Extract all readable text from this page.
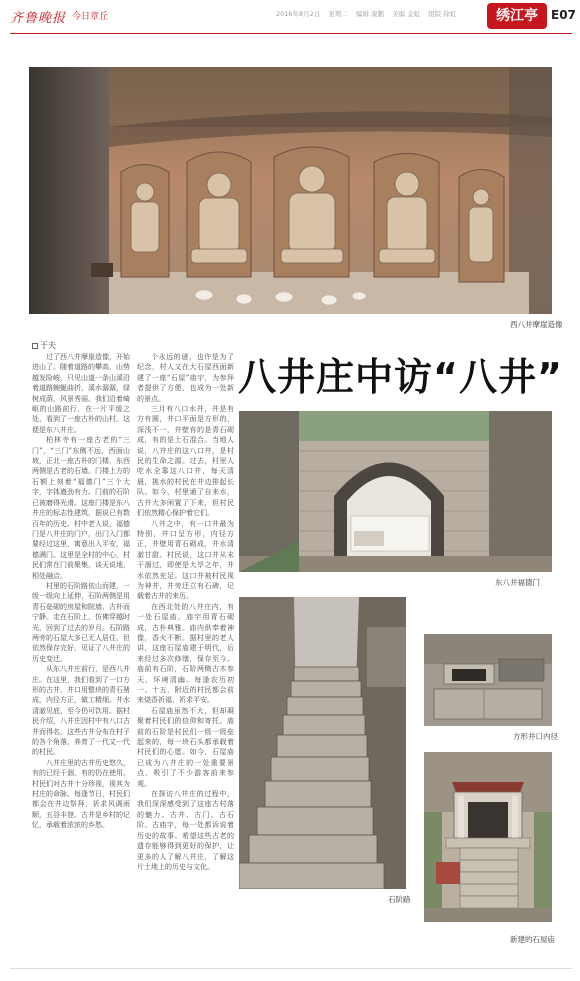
齐鲁晚报 今日章丘	2016年8月2日 星期二 编辑 康鹏 美编 金虹 组版 徐虹	绣江亭	E07
西八井摩崖造像
于夫
八井庄中访“八井”

过了西八井摩崖造像，开始进山了。随着道路的攀高，山势越发险峻，只见山道一条山溪沿着道路蜿蜒曲折，溪水潺潺，绿树成荫，风景秀丽。我们沿着崎岖的山路前行，在一片平缓之处，看到了一座古朴的山村，这便是东八井庄。

柏林寺有一座古老的“三门”，“三门”东侧不远，西面山坡，正北一座古朴的门楼，东西两侧是古老的石墙。门楼上方的石额上刻着“福德门”三个大字，字体遒劲有力。门前的石阶已被磨得光滑。这座门楼是东八井庄的标志性建筑，据说已有数百年的历史。村中老人说，福德门是八井庄的门户，出门入门都要经过这里，寓意出入平安，福德满门。这里是全村的中心，村民们常在门前聚集，谈天说地，相处融洽。

村里的石阶路依山而建，一级一级向上延伸，石阶两侧是用青石垒砌的房屋和院墙，古朴而宁静。走在石阶上，仿佛穿越时光，回到了过去的岁月。石阶路两旁的石屋大多已无人居住，但依然保存完好，见证了八井庄的历史变迁。

从东八井庄前行，是西八井庄。在这里，我们看到了一口方形的古井，井口用整块的青石凿成，内径方正，做工精细。井水清澈见底，至今仍可饮用。据村民介绍，八井庄因村中有八口古井而得名，这些古井分布在村子的各个角落，养育了一代又一代的村民。

八井庄里的古井历史悠久，有的已经干涸，有的仍在使用。村民们对古井十分珍视，视其为村庄的命脉。每逢节日，村民们都会在井边祭拜，祈求风调雨顺，五谷丰登。古井是乡村的记忆，承载着浓浓的乡愁。

个永远的谜，也许是为了纪念，村人又在大石屋西面新建了一座“石屋”庙宇，为参拜者提供了方便，也成为一处新的景点。

三月有八口水井，井是有方有圆，井口平面是方形的，深浅不一，井壁有的是青石砌成，有的是土石混合。当地人说，八井庄的这八口井，是村民的生命之源。过去，村里人吃水全靠这八口井，每天清晨，挑水的村民在井边排起长队。如今，村里通了自来水，古井大多闲置了下来，但村民们依然精心保护着它们。

八井之中，有一口井最为特别，井口呈方形，内径方正，井壁用青石砌成，井水清澈甘甜。村民说，这口井从未干涸过，即使是大旱之年，井水依然充足。这口井被村民视为神井，井旁还立有石碑，记载着古井的来历。

在西北处的八井庄内，有一处石屋庙，庙宇用青石砌成，古朴典雅。庙内供奉着神像，香火不断。据村里的老人讲，这座石屋庙建于明代，后来经过多次修缮，保存至今。庙前有石阶，石阶两侧古木参天，环境清幽。每逢农历初一、十五，附近的村民都会前来烧香祈福，祈求平安。

石屋庙虽然不大，但却凝聚着村民们的信仰和寄托。庙前的石阶是村民们一级一级垒起来的，每一块石头都承载着村民们的心愿。如今，石屋庙已成为八井庄的一处重要景点，吸引了不少游客前来参观。

在探访八井庄的过程中，我们深深感受到了这座古村落的魅力。古井、古门、古石阶、古庙宇，每一处都诉说着历史的故事。希望这些古老的遗存能够得到更好的保护，让更多的人了解八井庄，了解这片土地上的历史与文化。

东八井福德门
石阶路
方形井口内径
新建的石屋庙
